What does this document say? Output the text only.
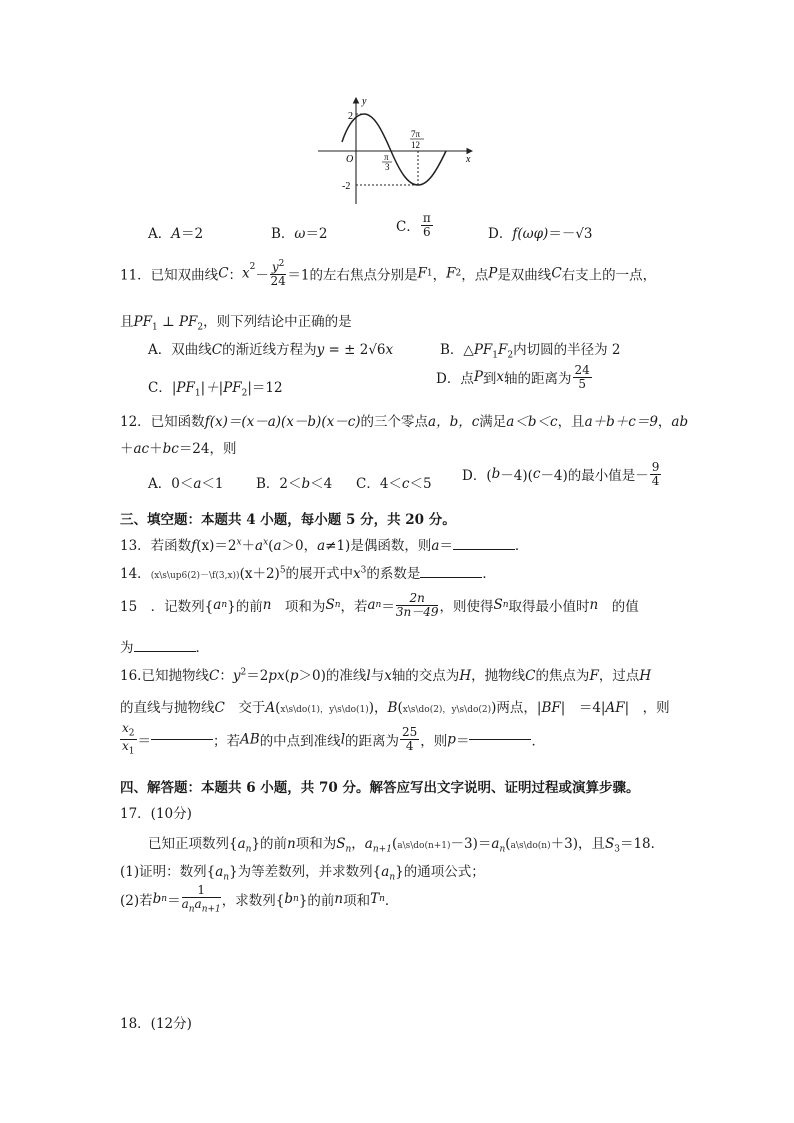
y
x
O
2
-2
π
3
7π
12
A．A＝2	B．ω＝2	C． $\frac{\pi}{6}$	D．f(ωφ)＝－√3
11．已知双曲线C：$x^2- \frac{y^2}{24} =1$的左右焦点分别是F1，F2，点P是双曲线C右支上的一点，
且$PF_1$ ⊥ $PF_2$，则下列结论中正确的是
A．双曲线C的渐近线方程为y = ± 2√6x	B．$\triangle PF_1F_2$内切圆的半径为 2
C．$|PF_1|+|PF_2|=12$
D．点P到x轴的距离为 $\frac{24}{5}$
12．已知函数f(x)＝(x－a)(x－b)(x－c)的三个零点a，b，c满足a＜b＜c，且a＋b＋c＝9，ab
＋ac＋bc＝24，则
A．0＜a＜1 B．2＜b＜4 C．4＜c＜5 D．(b－4)(c－4)的最小值是－ $\frac{9}{4}$
三、填空题：本题共 4 小题，每小题 5 分，共 20 分。
13．若函数$f(x)=2^x+a^x(a>0$，a≠1)是偶函数，则a＝	．
14．$(x\backslash s\backslash up6(2)-\backslash f(3,x))(x+2)^5$的展开式中$x^3$的系数是	．
15　．记数列{an}的前n　项和为Sn，若$an= \frac{2n}{3n-49}$ ，则使得Sn取得最小值时n　的值
为	．
16.已知抛物线C：$y^2=2px(p>0)$的准线l与x轴的交点为H，抛物线C的焦点为F，过点H
的直线与抛物线C　交于A(x\s\do(1)，y\s\do(1))，B(x\s\do(2)，y\s\do(2))两点，|BF|　＝4|AF|　，则
$\frac{x_2}{x_1}$ ＝	；若AB的中点到准线l的距离为 $\frac{25}{4}$ ，则p＝	．
四、解答题：本题共 6 小题，共 70 分。解答应写出文字说明、证明过程或演算步骤。
17．(10分)
已知正项数列$\{a_n\}$的前n项和为$S_n$，$a_{n+1}(a\backslash s\backslash do(n+1)-3)=a_n(a\backslash s\backslash do(n)+3)$，且$S_3=18$．
(1)证明：数列$\{a_n\}$为等差数列，并求数列$\{a_n\}$的通项公式；
(2)若$bn= \frac{1}{a_na_{n+1}}$ ，求数列{bn}的前n项和Tn．
18．(12分)
